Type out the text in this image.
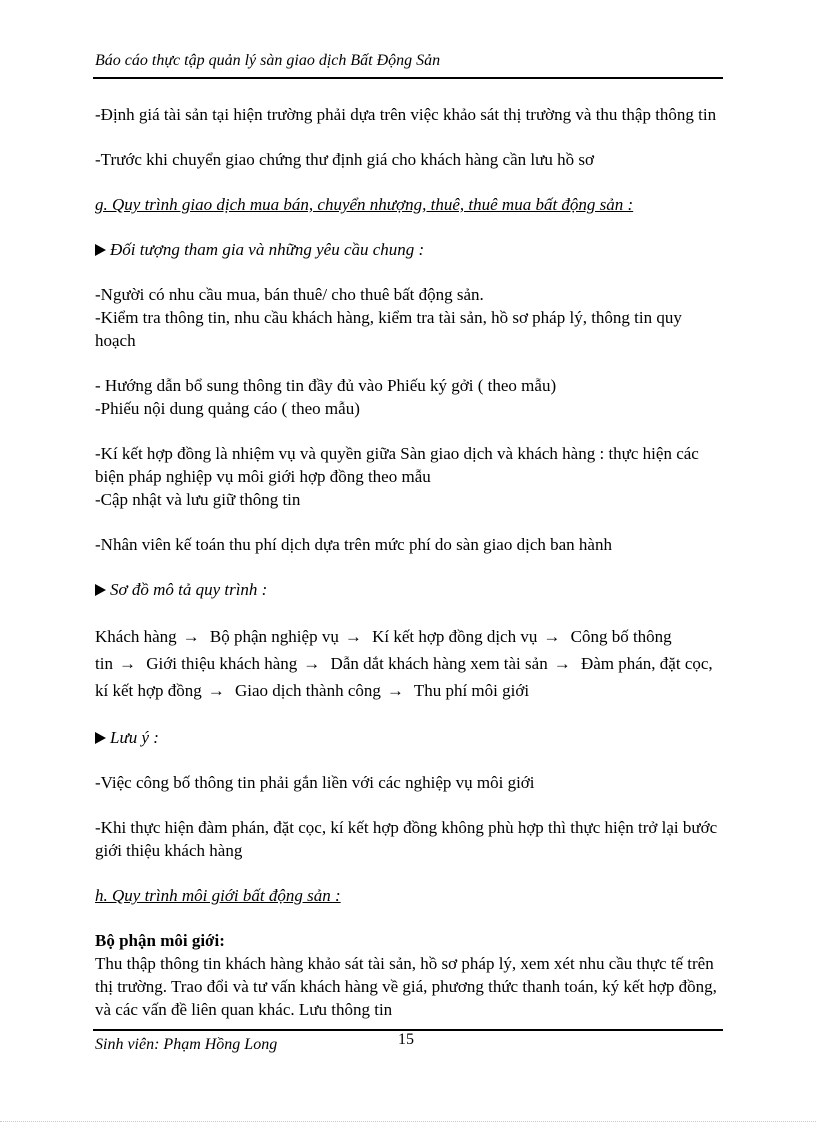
Báo cáo thực tập quản lý sàn giao dịch Bất Động Sản

-Định giá tài sản tại hiện trường phải dựa trên việc khảo sát thị trường và thu thập thông tin

-Trước khi chuyển giao chứng thư định giá cho khách hàng cần lưu hồ sơ

g. Quy trình giao dịch mua bán, chuyển nhượng, thuê, thuê mua bất động sản :

Đối tượng tham gia và những yêu cầu chung :

-Người có nhu cầu mua, bán thuê/ cho thuê bất động sản.

-Kiểm tra thông tin, nhu cầu khách hàng, kiểm tra tài sản, hồ sơ pháp lý, thông tin quy hoạch

- Hướng dẫn bổ sung thông tin đầy đủ vào Phiếu ký gởi ( theo mẫu)

-Phiếu nội dung quảng cáo ( theo mẫu)

-Kí kết hợp đồng là nhiệm vụ và quyền giữa Sàn giao dịch và khách hàng : thực hiện các biện pháp nghiệp vụ môi giới hợp đồng theo mẫu

-Cập nhật và lưu giữ thông tin

-Nhân viên kế toán thu phí dịch dựa trên mức phí do sàn giao dịch ban hành

Sơ đồ mô tả quy trình :

Khách hàng → Bộ phận nghiệp vụ → Kí kết hợp đồng dịch vụ → Công bố thông tin → Giới thiệu khách hàng → Dẫn dắt khách hàng xem tài sản → Đàm phán, đặt cọc, kí kết hợp đồng → Giao dịch thành công → Thu phí môi giới

Lưu ý :

-Việc công bố thông tin phải gắn liền với các nghiệp vụ môi giới

-Khi thực hiện đàm phán, đặt cọc, kí kết hợp đồng không phù hợp thì thực hiện trở lại bước giới thiệu khách hàng

h. Quy trình môi giới bất động sản :

Bộ phận môi giới:

Thu thập thông tin khách hàng khảo sát tài sản, hồ sơ pháp lý, xem xét nhu cầu thực tế trên thị trường. Trao đổi và tư vấn khách hàng về giá, phương thức thanh toán, ký kết hợp đồng, và các vấn đề liên quan khác. Lưu thông tin

Sinh viên: Phạm Hồng Long	15
